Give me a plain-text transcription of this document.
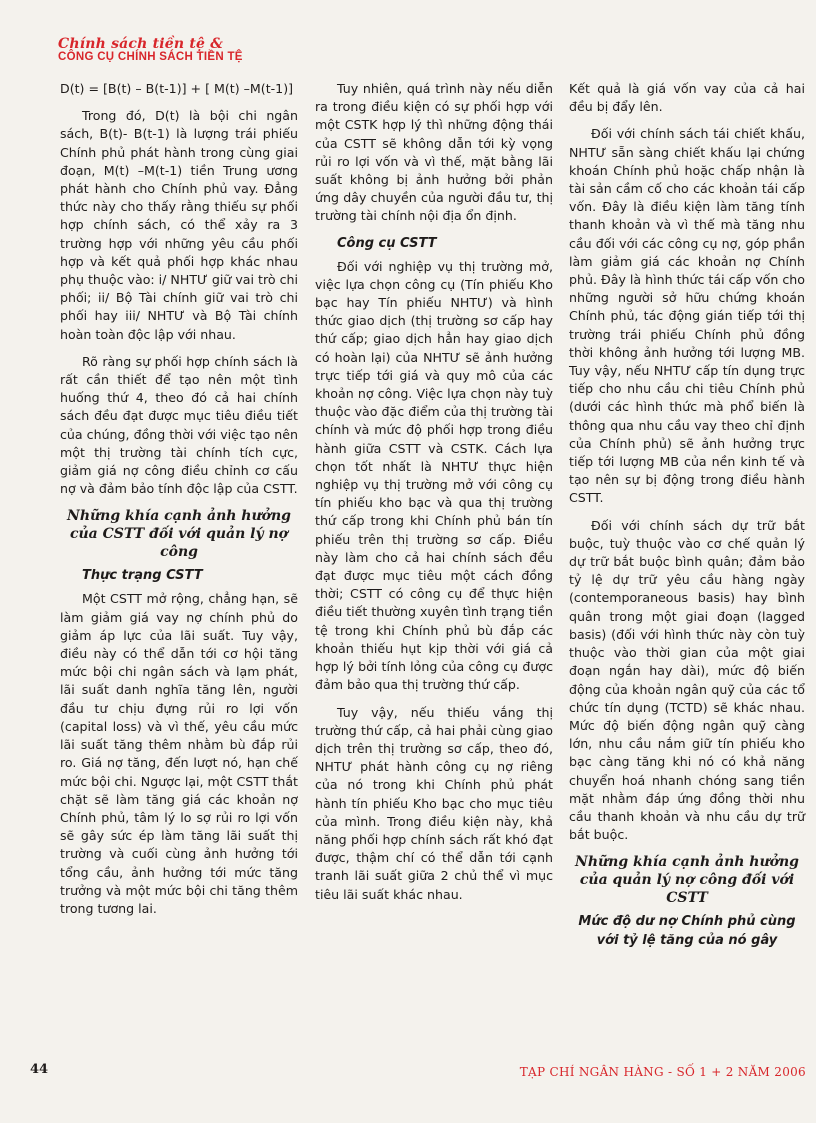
Chính sách tiền tệ &
CÔNG CỤ CHÍNH SÁCH TIỀN TỆ

D(t) = [B(t) – B(t-1)] + [ M(t) –M(t-1)]

Trong đó, D(t) là bội chi ngân sách, B(t)- B(t-1) là lượng trái phiếu Chính phủ phát hành trong cùng giai đoạn, M(t) –M(t-1) tiền Trung ương phát hành cho Chính phủ vay. Đẳng thức này cho thấy rằng thiếu sự phối hợp chính sách, có thể xảy ra 3 trường hợp với những yêu cầu phối hợp và kết quả phối hợp khác nhau phụ thuộc vào: i/ NHTƯ giữ vai trò chi phối; ii/ Bộ Tài chính giữ vai trò chi phối hay iii/ NHTƯ và Bộ Tài chính hoàn toàn độc lập với nhau.

Rõ ràng sự phối hợp chính sách là rất cần thiết để tạo nên một tình huống thứ 4, theo đó cả hai chính sách đều đạt được mục tiêu điều tiết của chúng, đồng thời với việc tạo nên một thị trường tài chính tích cực, giảm giá nợ công điều chỉnh cơ cấu nợ và đảm bảo tính độc lập của CSTT.

Những khía cạnh ảnh hưởng của CSTT đối với quản lý nợ công
Thực trạng CSTT

Một CSTT mở rộng, chẳng hạn, sẽ làm giảm giá vay nợ chính phủ do giảm áp lực của lãi suất. Tuy vậy, điều này có thể dẫn tới cơ hội tăng mức bội chi ngân sách và lạm phát, lãi suất danh nghĩa tăng lên, người đầu tư chịu đựng rủi ro lợi vốn (capital loss) và vì thế, yêu cầu mức lãi suất tăng thêm nhằm bù đắp rủi ro. Giá nợ tăng, đến lượt nó, hạn chế mức bội chi. Ngược lại, một CSTT thắt chặt sẽ làm tăng giá các khoản nợ Chính phủ, tâm lý lo sợ rủi ro lợi vốn sẽ gây sức ép làm tăng lãi suất thị trường và cuối cùng ảnh hưởng tới tổng cầu, ảnh hưởng tới mức tăng trưởng và một mức bội chi tăng thêm trong tương lai.

Tuy nhiên, quá trình này nếu diễn ra trong điều kiện có sự phối hợp với một CSTK hợp lý thì những động thái của CSTT sẽ không dẫn tới kỳ vọng rủi ro lợi vốn và vì thế, mặt bằng lãi suất không bị ảnh hưởng bởi phản ứng dây chuyền của người đầu tư, thị trường tài chính nội địa ổn định.

Công cụ CSTT

Đối với nghiệp vụ thị trường mở, việc lựa chọn công cụ (Tín phiếu Kho bạc hay Tín phiếu NHTƯ) và hình thức giao dịch (thị trường sơ cấp hay thứ cấp; giao dịch hẳn hay giao dịch có hoàn lại) của NHTƯ sẽ ảnh hưởng trực tiếp tới giá và quy mô của các khoản nợ công. Việc lựa chọn này tuỳ thuộc vào đặc điểm của thị trường tài chính và mức độ phối hợp trong điều hành giữa CSTT và CSTK. Cách lựa chọn tốt nhất là NHTƯ thực hiện nghiệp vụ thị trường mở với công cụ tín phiếu kho bạc và qua thị trường thứ cấp trong khi Chính phủ bán tín phiếu trên thị trường sơ cấp. Điều này làm cho cả hai chính sách đều đạt được mục tiêu một cách đồng thời; CSTT có công cụ để thực hiện điều tiết thường xuyên tình trạng tiền tệ trong khi Chính phủ bù đắp các khoản thiếu hụt kịp thời với giá cả hợp lý bởi tính lỏng của công cụ được đảm bảo qua thị trường thứ cấp.

Tuy vậy, nếu thiếu vắng thị trường thứ cấp, cả hai phải cùng giao dịch trên thị trường sơ cấp, theo đó, NHTƯ phát hành công cụ nợ riêng của nó trong khi Chính phủ phát hành tín phiếu Kho bạc cho mục tiêu của mình. Trong điều kiện này, khả năng phối hợp chính sách rất khó đạt được, thậm chí có thể dẫn tới cạnh tranh lãi suất giữa 2 chủ thể vì mục tiêu lãi suất khác nhau.

Kết quả là giá vốn vay của cả hai đều bị đẩy lên.

Đối với chính sách tái chiết khấu, NHTƯ sẵn sàng chiết khấu lại chứng khoán Chính phủ hoặc chấp nhận là tài sản cầm cố cho các khoản tái cấp vốn. Đây là điều kiện làm tăng tính thanh khoản và vì thế mà tăng nhu cầu đối với các công cụ nợ, góp phần làm giảm giá các khoản nợ Chính phủ. Đây là hình thức tái cấp vốn cho những người sở hữu chứng khoán Chính phủ, tác động gián tiếp tới thị trường trái phiếu Chính phủ đồng thời không ảnh hưởng tới lượng MB. Tuy vậy, nếu NHTƯ cấp tín dụng trực tiếp cho nhu cầu chi tiêu Chính phủ (dưới các hình thức mà phổ biến là thông qua nhu cầu vay theo chỉ định của Chính phủ) sẽ ảnh hưởng trực tiếp tới lượng MB của nền kinh tế và tạo nên sự bị động trong điều hành CSTT.

Đối với chính sách dự trữ bắt buộc, tuỳ thuộc vào cơ chế quản lý dự trữ bắt buộc bình quân; đảm bảo tỷ lệ dự trữ yêu cầu hàng ngày (contemporaneous basis) hay bình quân trong một giai đoạn (lagged basis) (đối với hình thức này còn tuỳ thuộc vào thời gian của một giai đoạn ngắn hay dài), mức độ biến động của khoản ngân quỹ của các tổ chức tín dụng (TCTD) sẽ khác nhau. Mức độ biến động ngân quỹ càng lớn, nhu cầu nắm giữ tín phiếu kho bạc càng tăng khi nó có khả năng chuyển hoá nhanh chóng sang tiền mặt nhằm đáp ứng đồng thời nhu cầu thanh khoản và nhu cầu dự trữ bắt buộc.

Những khía cạnh ảnh hưởng của quản lý nợ công đối với CSTT

Mức độ dư nợ Chính phủ cùng với tỷ lệ tăng của nó gây

44	TẠP CHÍ NGÂN HÀNG - SỐ 1 + 2 NĂM 2006
